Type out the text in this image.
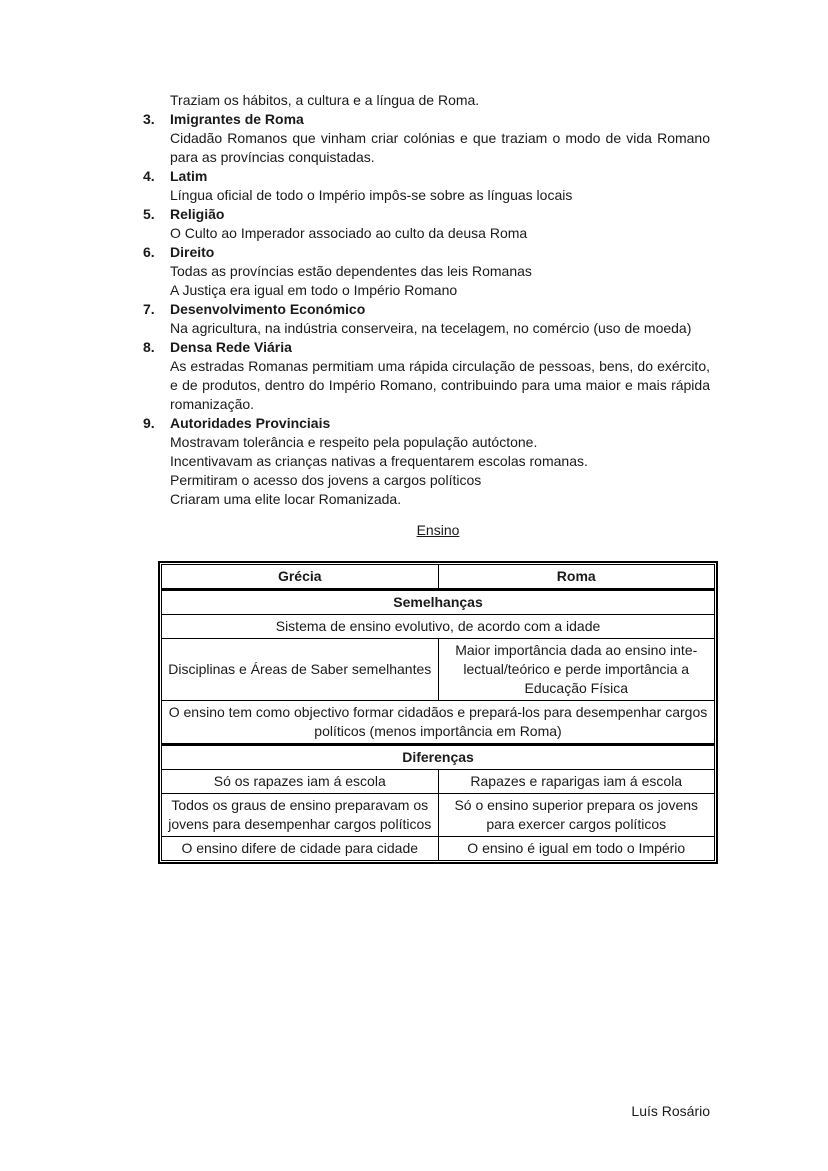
Traziam os hábitos, a cultura e a língua de Roma.
3.	Imigrantes de Roma
Cidadão Romanos que vinham criar colónias e que traziam o modo de vida Romano para as províncias conquistadas.
4.	Latim
Língua oficial de todo o Império impôs-se sobre as línguas locais
5.	Religião
O Culto ao Imperador associado ao culto da deusa Roma
6.	Direito
Todas as províncias estão dependentes das leis Romanas
A Justiça era igual em todo o Império Romano
7.	Desenvolvimento Económico
Na agricultura, na indústria conserveira, na tecelagem, no comércio (uso de moeda)
8.	Densa Rede Viária
As estradas Romanas permitiam uma rápida circulação de pessoas, bens, do exército, e de produtos, dentro do Império Romano, contribuindo para uma maior e mais rápida romanização.
9.	Autoridades Provinciais
Mostravam tolerância e respeito pela população autóctone.
Incentivavam as crianças nativas a frequentarem escolas romanas.
Permitiram o acesso dos jovens a cargos políticos
Criaram uma elite locar Romanizada.
Ensino
Grécia	Roma
Semelhanças	
Sistema de ensino evolutivo, de acordo com a idade	
Disciplinas e Áreas de Saber semelhantes	Maior importância dada ao ensino inte-lectual/teórico e perde importância a Educação Física
O ensino tem como objectivo formar cidadãos e prepará-los para desempenhar cargos políticos (menos importância em Roma)	
Diferenças	
Só os rapazes iam á escola	Rapazes e raparigas iam á escola
Todos os graus de ensino preparavam os jovens para desempenhar cargos políticos	Só o ensino superior prepara os jovens para exercer cargos políticos
O ensino difere de cidade para cidade	O ensino é igual em todo o Império
Luís Rosário
